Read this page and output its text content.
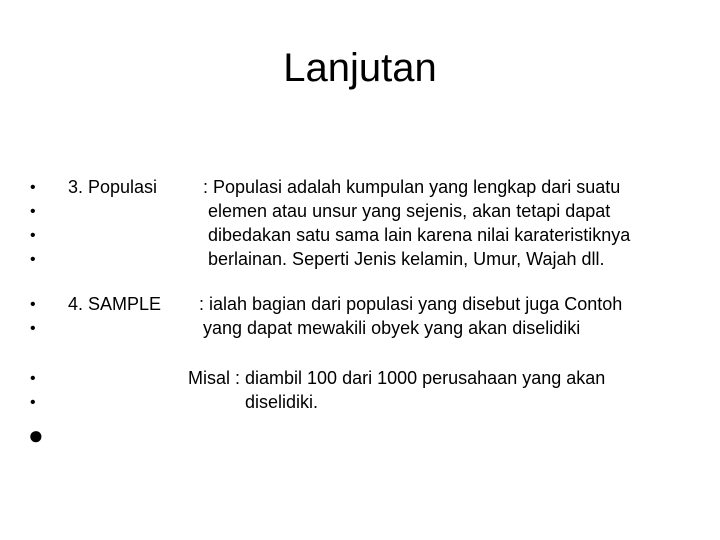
Lanjutan
•
•
•
•
•
•
•
•
●
3. Populasi	: Populasi adalah kumpulan yang lengkap dari suatu
elemen atau unsur yang sejenis, akan tetapi dapat
dibedakan satu sama lain karena nilai karateristiknya
berlainan. Seperti Jenis kelamin, Umur, Wajah dll.
4. SAMPLE : ialah bagian dari populasi yang disebut juga Contoh
yang dapat mewakili obyek yang akan diselidiki
Misal : diambil 100 dari 1000 perusahaan yang akan
diselidiki.
